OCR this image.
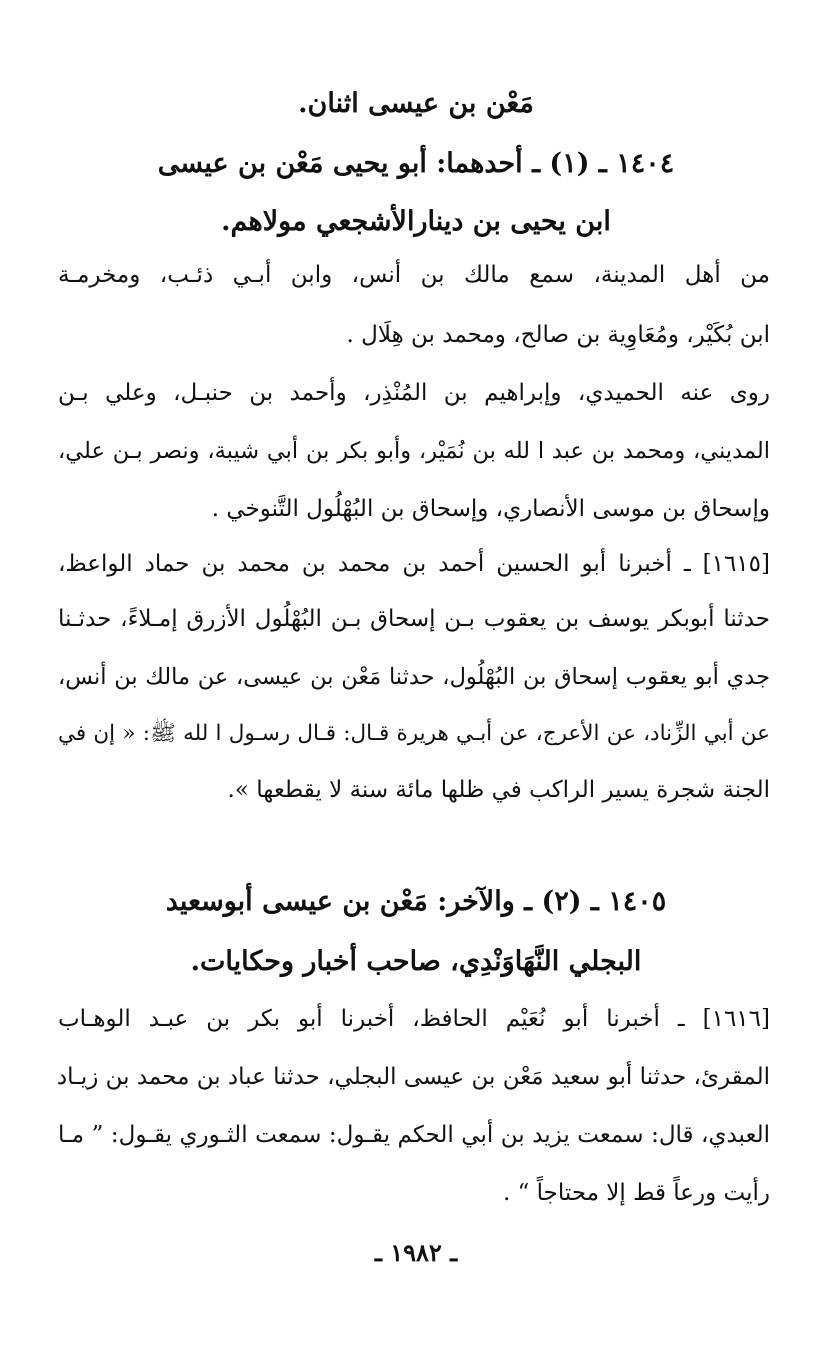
مَعْن بن عيسى اثنان.
١٤٠٤ ـ (١) ـ أحدهما: أبو يحيى مَعْن بن عيسى
ابن يحيى بن دينارالأشجعي مولاهم.
من أهل المدينة، سمع مالك بن أنس، وابن أبـي ذئـب، ومخرمـة
ابن بُكَيْر، ومُعَاوِية بن صالح، ومحمد بن هِلَال .
روى عنه الحميدي، وإبراهيم بن المُنْذِر، وأحمد بن حنبـل، وعلي بـن
المديني، ومحمد بن عبد ا لله بن نُمَيْر، وأبو بكر بن أبي شيبة، ونصر بـن علي،
وإسحاق بن موسى الأنصاري، وإسحاق بن البُهْلُول التَّنوخي .
[١٦١٥] ـ أخبرنا أبو الحسين أحمد بن محمد بن محمد بن حماد الواعظ،
حدثنا أبوبكر يوسف بن يعقوب بـن إسحاق بـن البُهْلُول الأزرق إمـلاءً، حدثـنا
جدي أبو يعقوب إسحاق بن البُهْلُول، حدثنا مَعْن بن عيسى، عن مالك بن أنس،
عن أبي الزِّناد، عن الأعرج، عن أبـي هريرة قـال: قـال رسـول ا لله ﷺ: « إن في
الجنة شجرة يسير الراكب في ظلها مائة سنة لا يقطعها ».
١٤٠٥ ـ (٢) ـ والآخر: مَعْن بن عيسى أبوسعيد
البجلي النَّهَاوَنْدِي، صاحب أخبار وحكايات.
[١٦١٦] ـ أخبرنا أبو نُعَيْم الحافظ، أخبرنا أبو بكر بن عبـد الوهـاب
المقرئ، حدثنا أبو سعيد مَعْن بن عيسى البجلي، حدثنا عباد بن محمد بن زيـاد
العبدي، قال: سمعت يزيد بن أبي الحكم يقـول: سمعت الثـوري يقـول: ” مـا
رأيت ورعاً قط إلا محتاجاً “ .
ـ ١٩٨٢ ـ
